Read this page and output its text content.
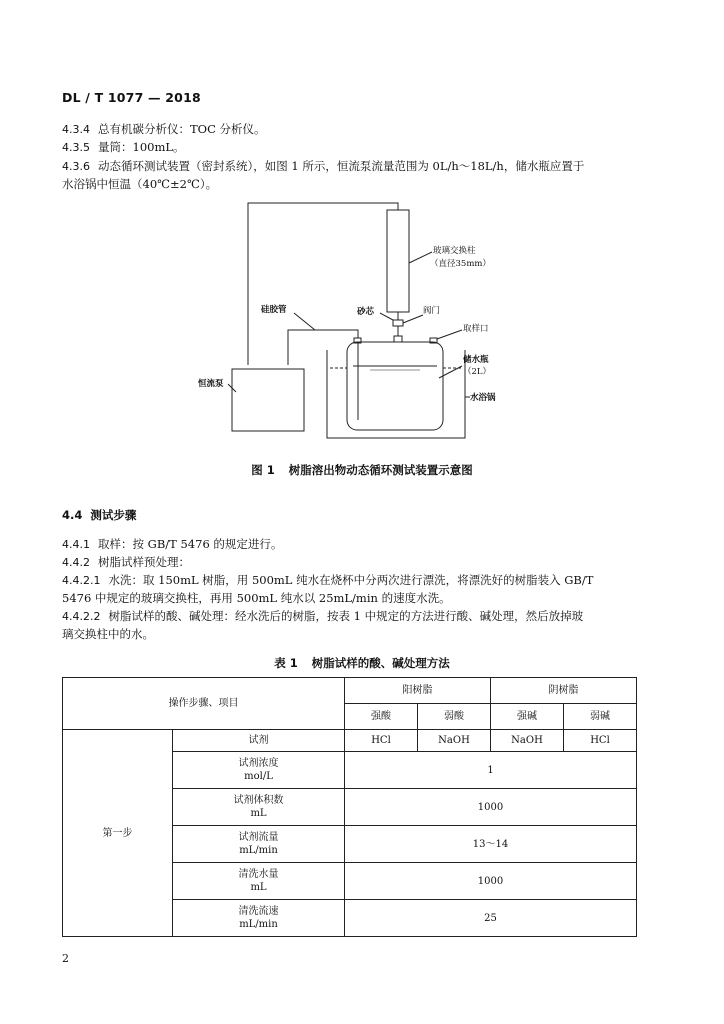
DL / T 1077 — 2018
4.3.4 总有机碳分析仪：TOC 分析仪。
4.3.5 量筒：100mL。
4.3.6 动态循环测试装置（密封系统），如图 1 所示，恒流泵流量范围为 0L/h～18L/h，储水瓶应置于
水浴锅中恒温（40℃±2℃）。
玻璃交换柱
（直径35mm）
硅胶管	砂芯	阀门
取样口
储水瓶
（2L）
水浴锅
恒流泵
图 1 树脂溶出物动态循环测试装置示意图
4.4 测试步骤
4.4.1 取样：按 GB/T 5476 的规定进行。
4.4.2 树脂试样预处理：
4.4.2.1 水洗：取 150mL 树脂，用 500mL 纯水在烧杯中分两次进行漂洗，将漂洗好的树脂装入 GB/T
5476 中规定的玻璃交换柱，再用 500mL 纯水以 25mL/min 的速度水洗。
4.4.2.2 树脂试样的酸、碱处理：经水洗后的树脂，按表 1 中规定的方法进行酸、碱处理，然后放掉玻
璃交换柱中的水。
表 1 树脂试样的酸、碱处理方法
操作步骤、项目		阳树脂		阴树脂	
		强酸	弱酸	强碱	弱碱
第一步	试剂	HCl	NaOH	NaOH	HCl

	试剂浓度
mol/L	1			

	试剂体积数
mL	1000			

	试剂流量
mL/min	13～14			

	清洗水量
mL	1000			

	清洗流速
mL/min	25			
2
